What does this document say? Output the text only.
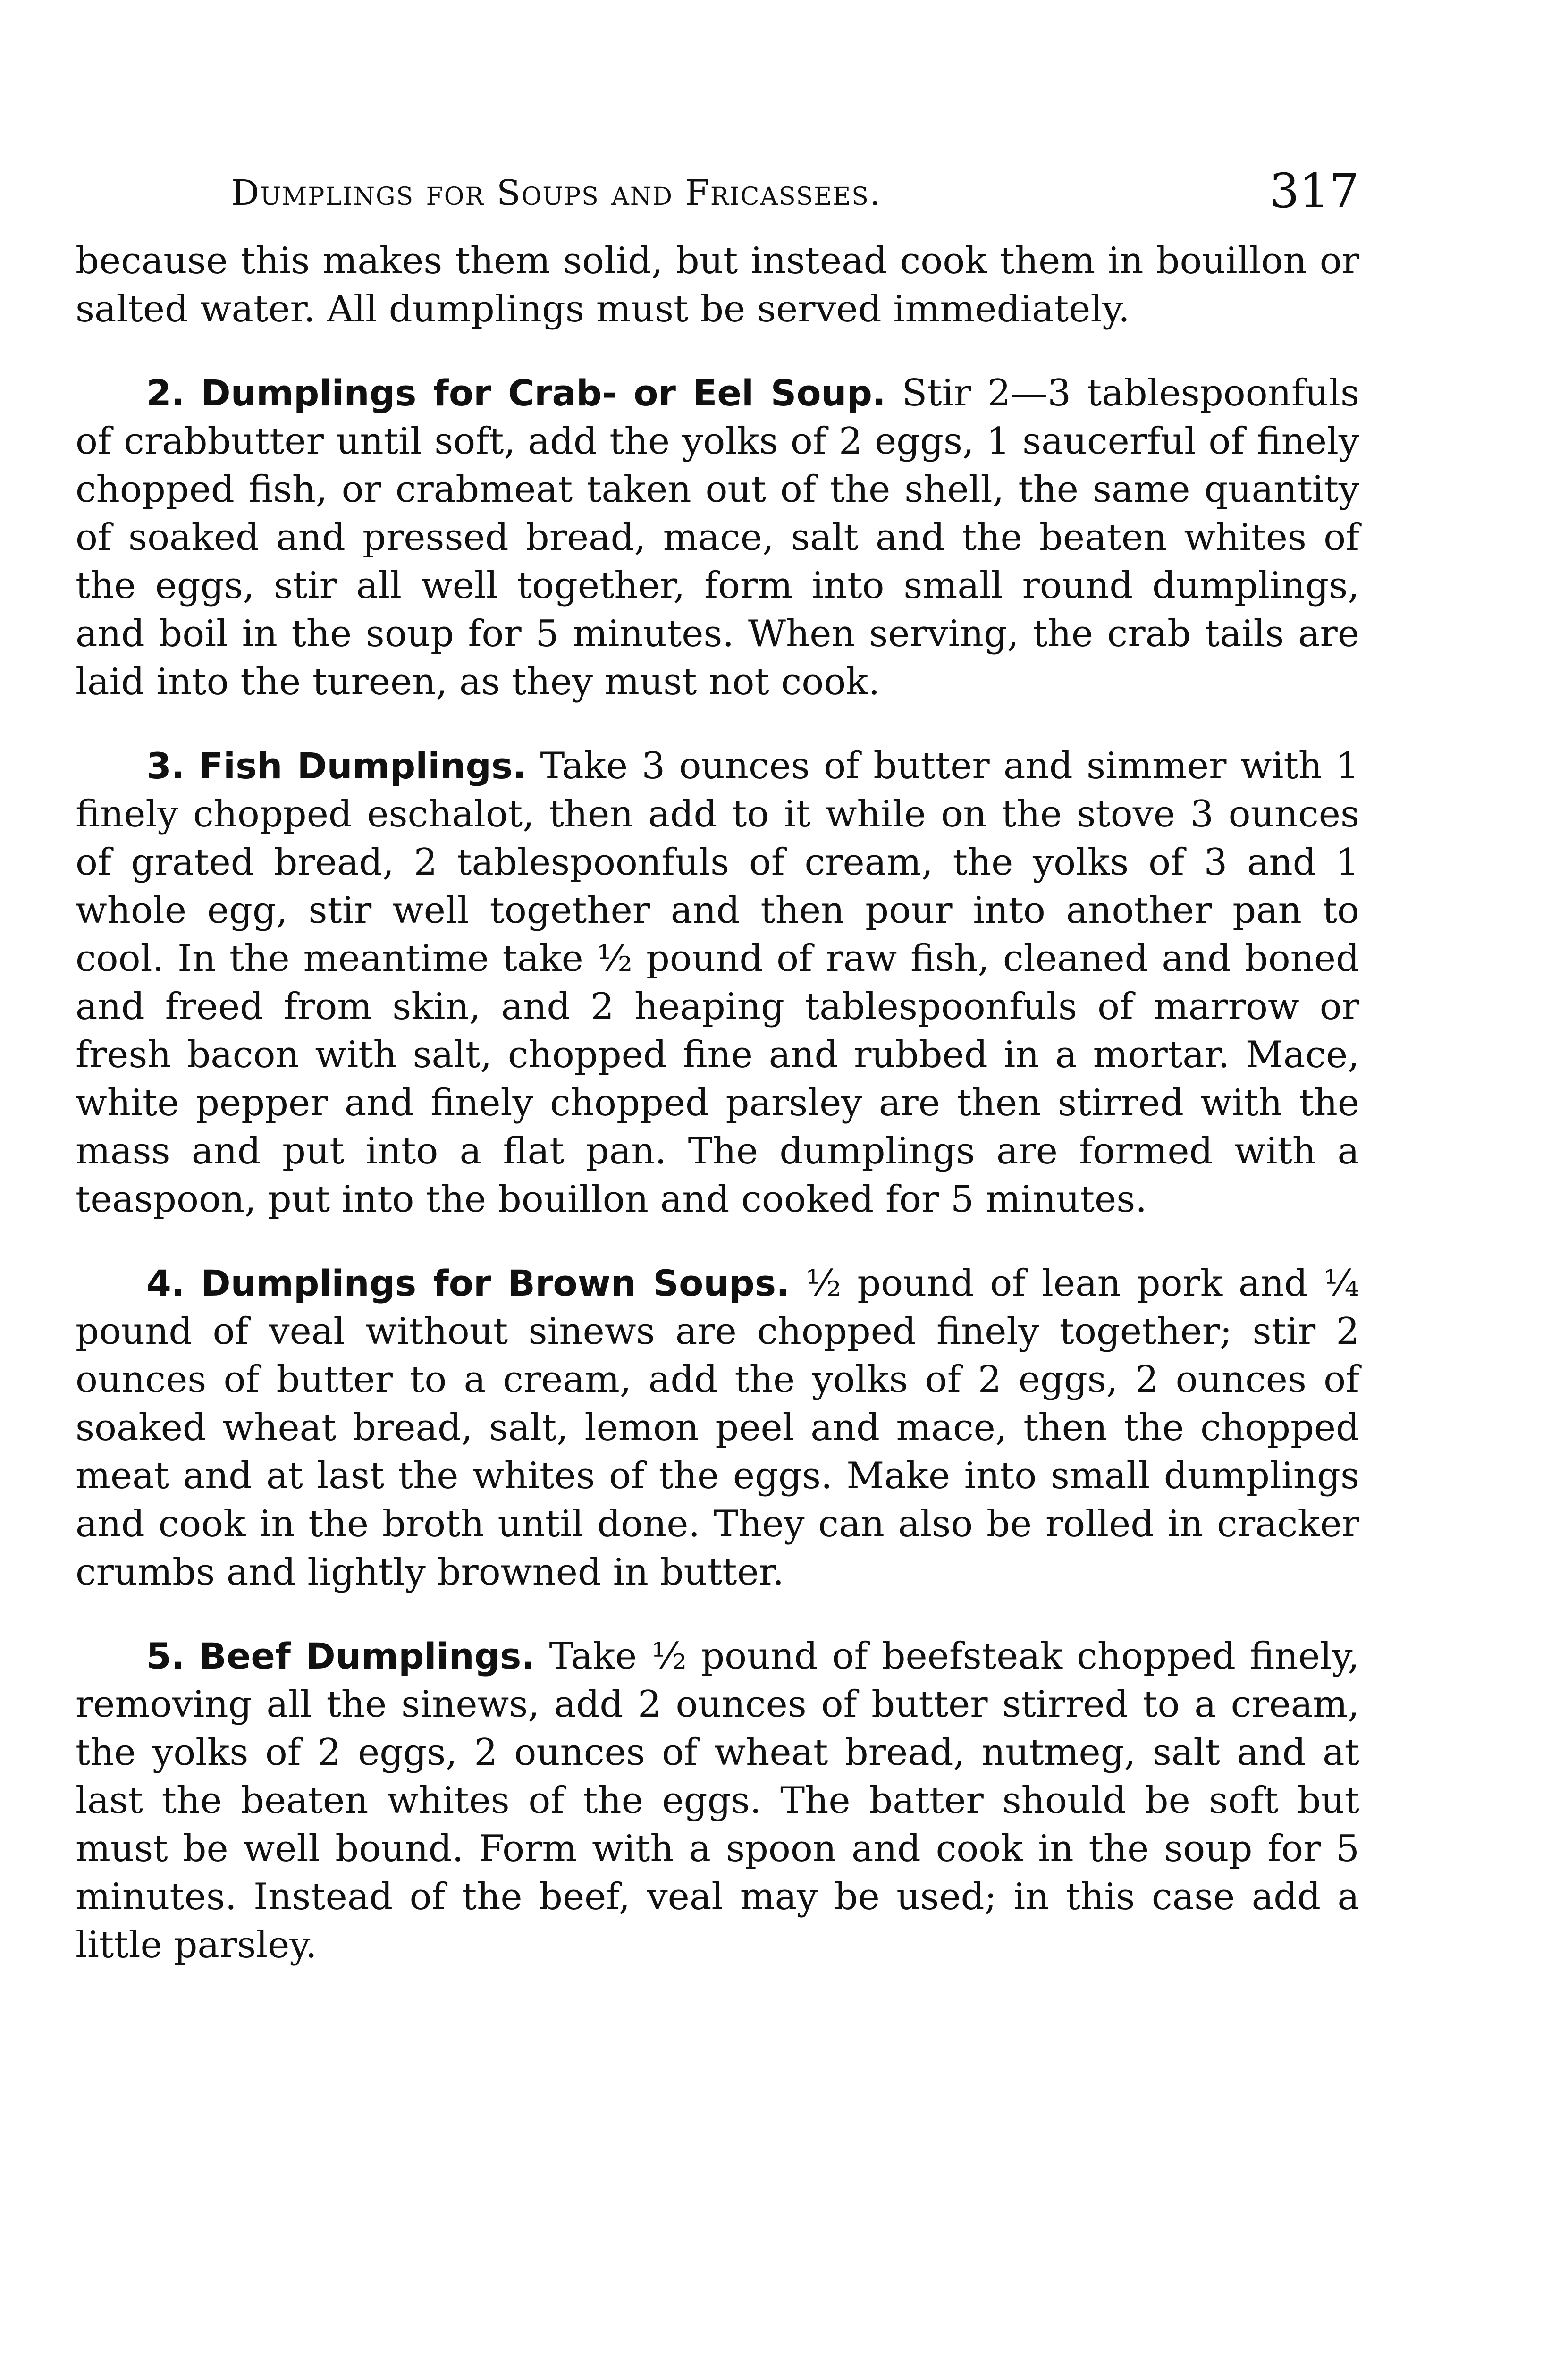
Dumplings for Soups and Fricassees.	317

because this makes them solid, but instead cook them in bouillon or salted water. All dumplings must be served immediately.

2. Dumplings for Crab- or Eel Soup. Stir 2—3 tablespoonfuls of crabbutter until soft, add the yolks of 2 eggs, 1 saucerful of finely chopped fish, or crabmeat taken out of the shell, the same quantity of soaked and pressed bread, mace, salt and the beaten whites of the eggs, stir all well together, form into small round dumplings, and boil in the soup for 5 minutes. When serving, the crab tails are laid into the tureen, as they must not cook.

3. Fish Dumplings. Take 3 ounces of butter and simmer with 1 finely chopped eschalot, then add to it while on the stove 3 ounces of grated bread, 2 tablespoonfuls of cream, the yolks of 3 and 1 whole egg, stir well together and then pour into another pan to cool. In the meantime take ½ pound of raw fish, cleaned and boned and freed from skin, and 2 heaping tablespoonfuls of marrow or fresh bacon with salt, chopped fine and rubbed in a mortar. Mace, white pepper and finely chopped parsley are then stirred with the mass and put into a flat pan. The dumplings are formed with a teaspoon, put into the bouillon and cooked for 5 minutes.

4. Dumplings for Brown Soups. ½ pound of lean pork and ¼ pound of veal without sinews are chopped finely together; stir 2 ounces of butter to a cream, add the yolks of 2 eggs, 2 ounces of soaked wheat bread, salt, lemon peel and mace, then the chopped meat and at last the whites of the eggs. Make into small dumplings and cook in the broth until done. They can also be rolled in cracker crumbs and lightly browned in butter.

5. Beef Dumplings. Take ½ pound of beefsteak chopped finely, removing all the sinews, add 2 ounces of butter stirred to a cream, the yolks of 2 eggs, 2 ounces of wheat bread, nutmeg, salt and at last the beaten whites of the eggs. The batter should be soft but must be well bound. Form with a spoon and cook in the soup for 5 minutes. Instead of the beef, veal may be used; in this case add a little parsley.
